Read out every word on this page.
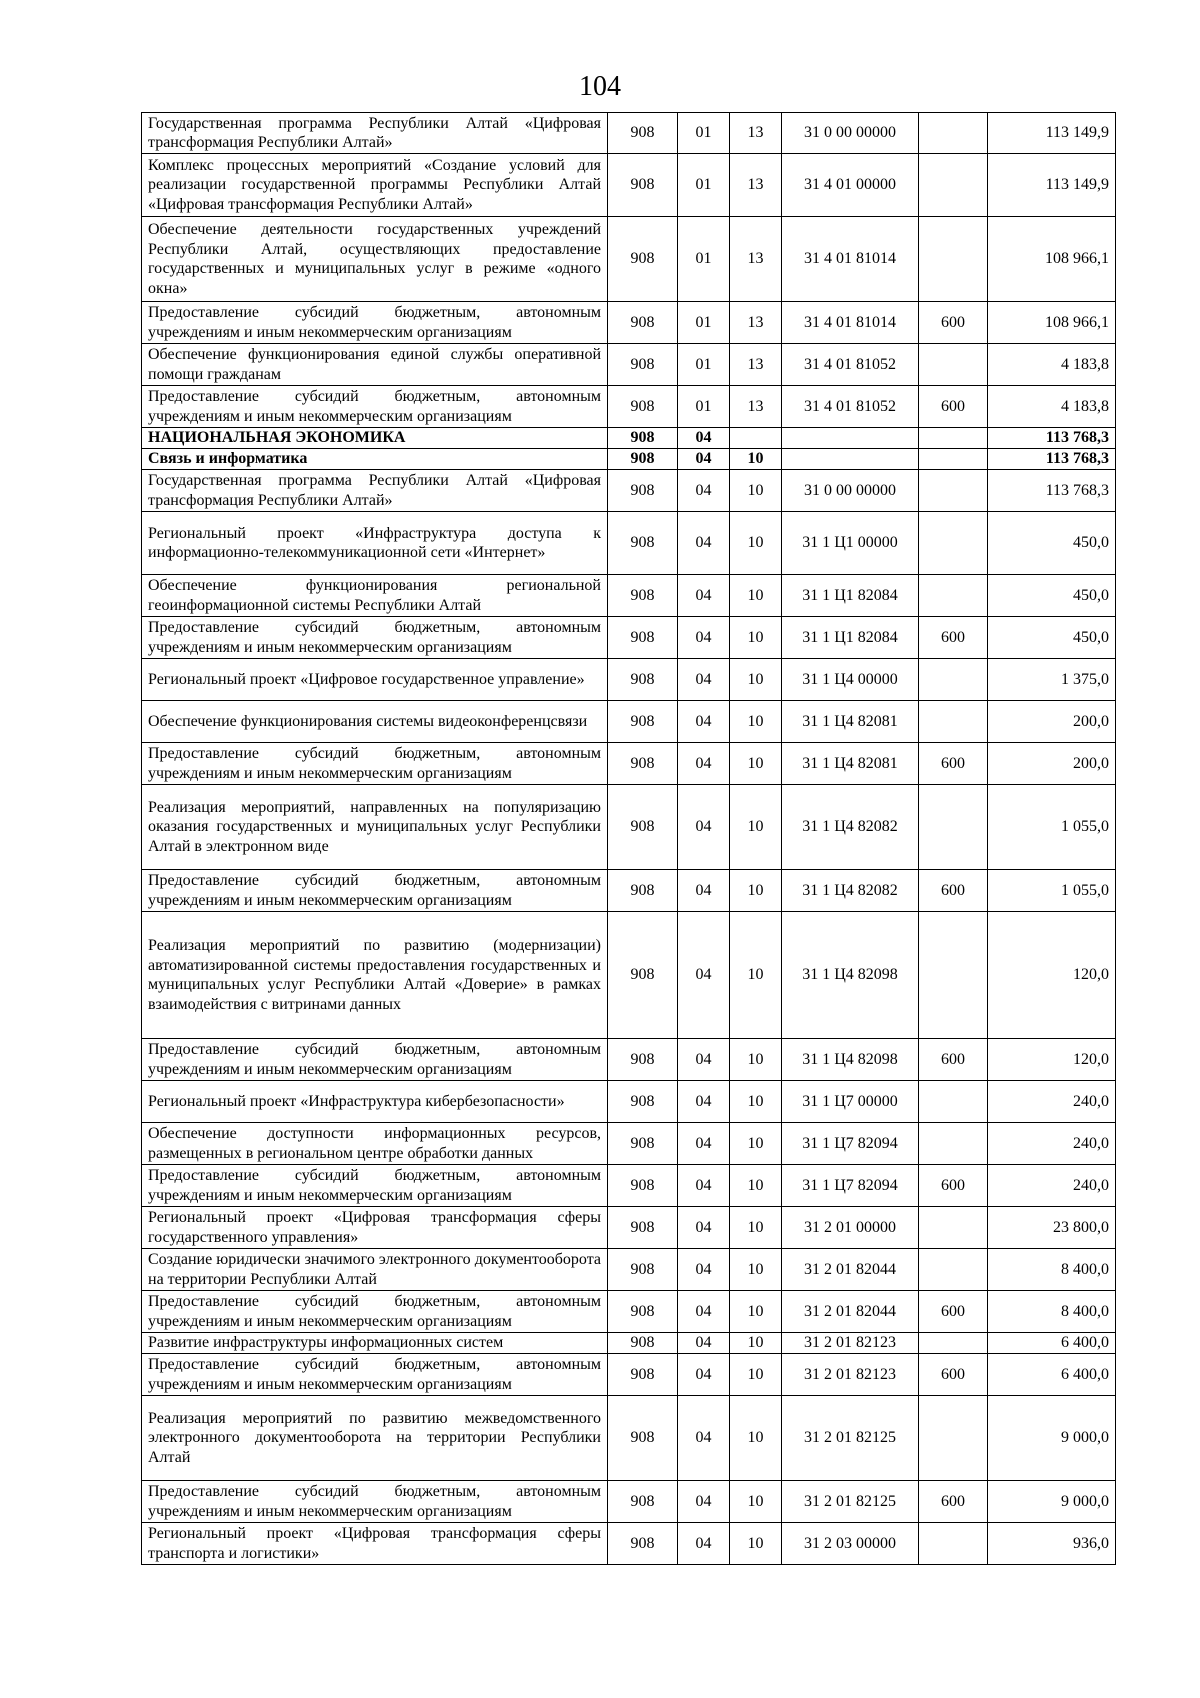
104
Государственная программа Республики Алтай «Цифровая трансформация Республики Алтай»	908	01	13	31 0 00 00000		113 149,9
Комплекс процессных мероприятий «Создание условий для реализации государственной программы Республики Алтай «Цифровая трансформация Республики Алтай»	908	01	13	31 4 01 00000		113 149,9
Обеспечение деятельности государственных учреждений Республики Алтай, осуществляющих предоставление государственных и муниципальных услуг в режиме «одного окна»	908	01	13	31 4 01 81014		108 966,1
Предоставление субсидий бюджетным, автономным учреждениям и иным некоммерческим организациям	908	01	13	31 4 01 81014	600	108 966,1
Обеспечение функционирования единой службы оперативной помощи гражданам	908	01	13	31 4 01 81052		4 183,8
Предоставление субсидий бюджетным, автономным учреждениям и иным некоммерческим организациям	908	01	13	31 4 01 81052	600	4 183,8
НАЦИОНАЛЬНАЯ ЭКОНОМИКА	908	04				113 768,3
Связь и информатика	908	04	10			113 768,3
Государственная программа Республики Алтай «Цифровая трансформация Республики Алтай»	908	04	10	31 0 00 00000		113 768,3
Региональный проект «Инфраструктура доступа к информационно-телекоммуникационной сети «Интернет»	908	04	10	31 1 Ц1 00000		450,0
Обеспечение функционирования региональной геоинформационной системы Республики Алтай	908	04	10	31 1 Ц1 82084		450,0
Предоставление субсидий бюджетным, автономным учреждениям и иным некоммерческим организациям	908	04	10	31 1 Ц1 82084	600	450,0
Региональный проект «Цифровое государственное управление»	908	04	10	31 1 Ц4 00000		1 375,0
Обеспечение функционирования системы видеоконференцсвязи	908	04	10	31 1 Ц4 82081		200,0
Предоставление субсидий бюджетным, автономным учреждениям и иным некоммерческим организациям	908	04	10	31 1 Ц4 82081	600	200,0
Реализация мероприятий, направленных на популяризацию оказания государственных и муниципальных услуг Республики Алтай в электронном виде	908	04	10	31 1 Ц4 82082		1 055,0
Предоставление субсидий бюджетным, автономным учреждениям и иным некоммерческим организациям	908	04	10	31 1 Ц4 82082	600	1 055,0
Реализация мероприятий по развитию (модернизации) автоматизированной системы предоставления государственных и муниципальных услуг Республики Алтай «Доверие» в рамках взаимодействия с витринами данных	908	04	10	31 1 Ц4 82098		120,0
Предоставление субсидий бюджетным, автономным учреждениям и иным некоммерческим организациям	908	04	10	31 1 Ц4 82098	600	120,0
Региональный проект «Инфраструктура кибербезопасности»	908	04	10	31 1 Ц7 00000		240,0
Обеспечение доступности информационных ресурсов, размещенных в региональном центре обработки данных	908	04	10	31 1 Ц7 82094		240,0
Предоставление субсидий бюджетным, автономным учреждениям и иным некоммерческим организациям	908	04	10	31 1 Ц7 82094	600	240,0
Региональный проект «Цифровая трансформация сферы государственного управления»	908	04	10	31 2 01 00000		23 800,0
Создание юридически значимого электронного документооборота на территории Республики Алтай	908	04	10	31 2 01 82044		8 400,0
Предоставление субсидий бюджетным, автономным учреждениям и иным некоммерческим организациям	908	04	10	31 2 01 82044	600	8 400,0
Развитие инфраструктуры информационных систем	908	04	10	31 2 01 82123		6 400,0
Предоставление субсидий бюджетным, автономным учреждениям и иным некоммерческим организациям	908	04	10	31 2 01 82123	600	6 400,0
Реализация мероприятий по развитию межведомственного электронного документооборота на территории Республики Алтай	908	04	10	31 2 01 82125		9 000,0
Предоставление субсидий бюджетным, автономным учреждениям и иным некоммерческим организациям	908	04	10	31 2 01 82125	600	9 000,0
Региональный проект «Цифровая трансформация сферы транспорта и логистики»	908	04	10	31 2 03 00000		936,0
